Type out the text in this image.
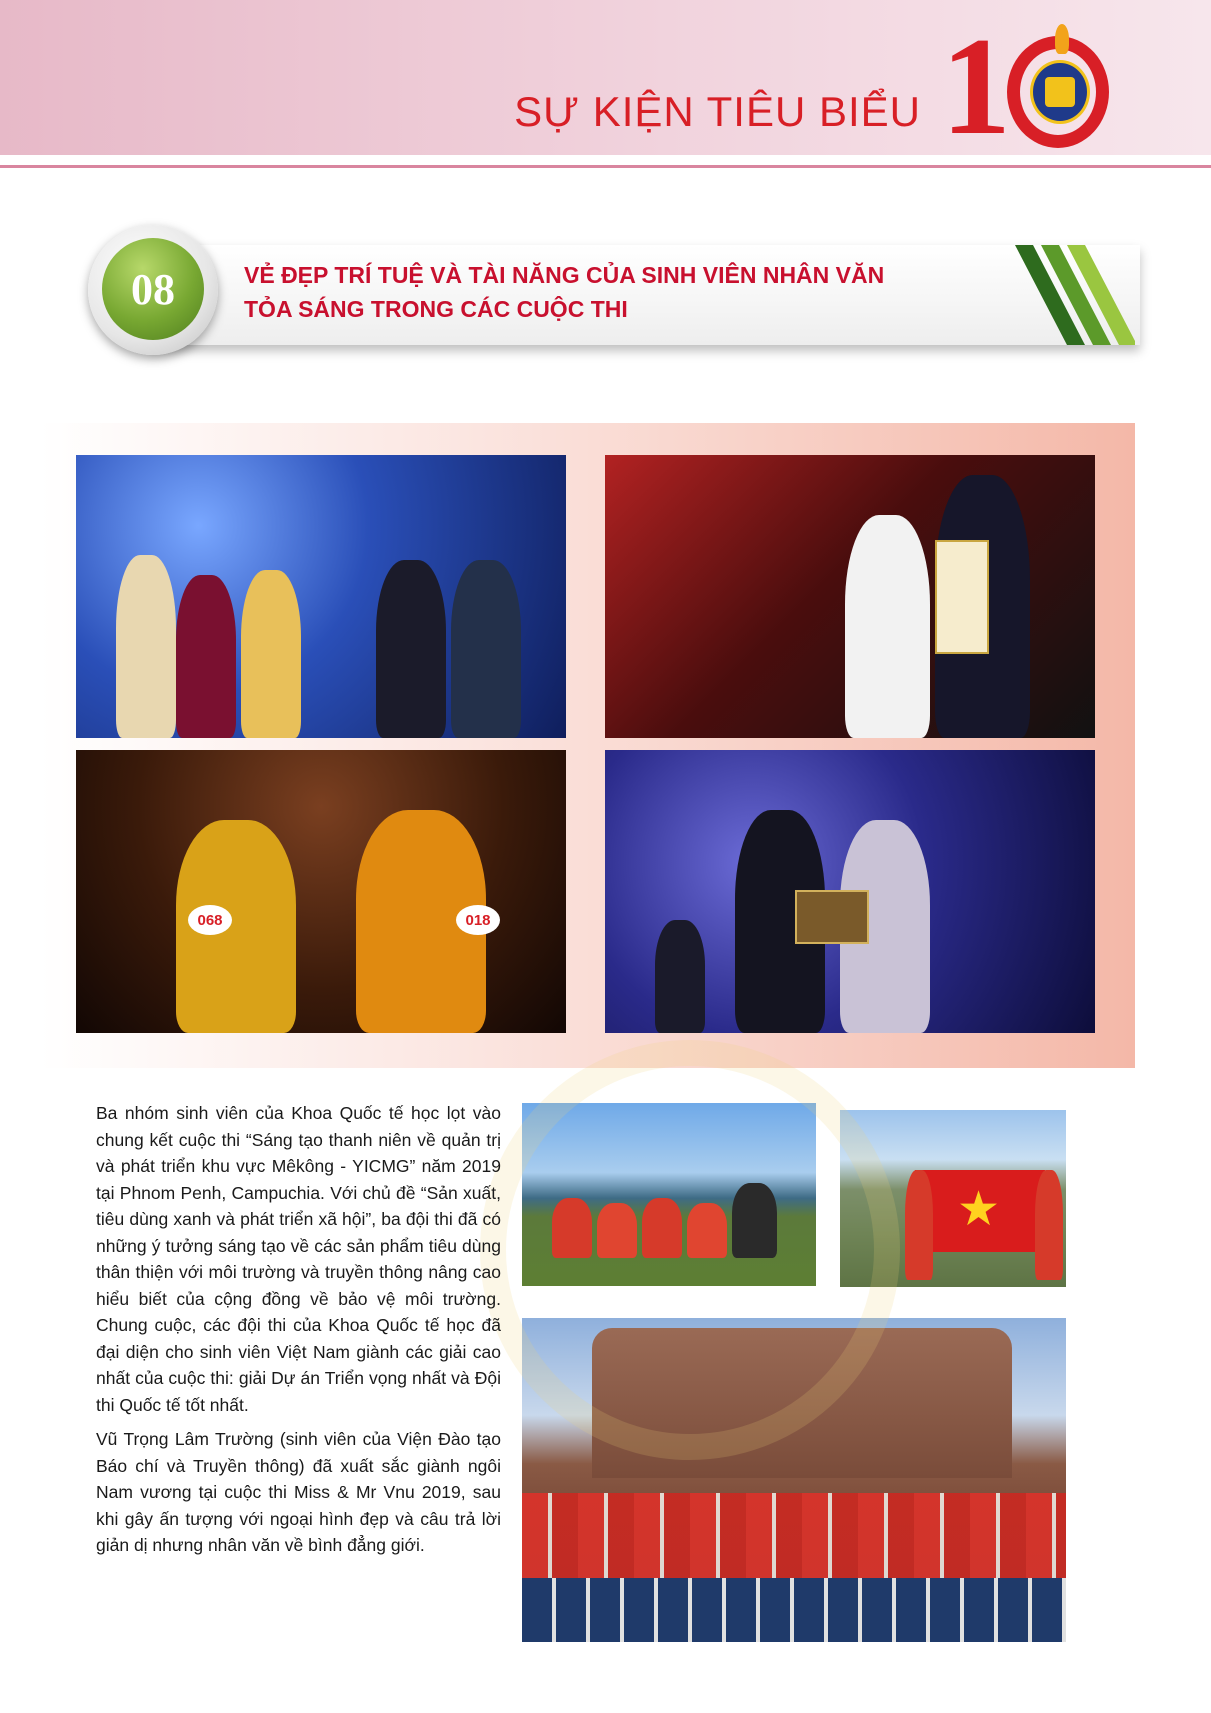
SỰ KIỆN TIÊU BIỂU 1
08	VẺ ĐẸP TRÍ TUỆ VÀ TÀI NĂNG CỦA SINH VIÊN NHÂN VĂN
TỎA SÁNG TRONG CÁC CUỘC THI
068	018
★

Ba nhóm sinh viên của Khoa Quốc tế học lọt vào chung kết cuộc thi “Sáng tạo thanh niên về quản trị và phát triển khu vực Mêkông - YICMG” năm 2019 tại Phnom Penh, Campuchia. Với chủ đề “Sản xuất, tiêu dùng xanh và phát triển xã hội”, ba đội thi đã có những ý tưởng sáng tạo về các sản phẩm tiêu dùng thân thiện với môi trường và truyền thông nâng cao hiểu biết của cộng đồng về bảo vệ môi trường. Chung cuộc, các đội thi của Khoa Quốc tế học đã đại diện cho sinh viên Việt Nam giành các giải cao nhất của cuộc thi: giải Dự án Triển vọng nhất và Đội thi Quốc tế tốt nhất.

Vũ Trọng Lâm Trường (sinh viên của Viện Đào tạo Báo chí và Truyền thông) đã xuất sắc giành ngôi Nam vương tại cuộc thi Miss & Mr Vnu 2019, sau khi gây ấn tượng với ngoại hình đẹp và câu trả lời giản dị nhưng nhân văn về bình đẳng giới.
